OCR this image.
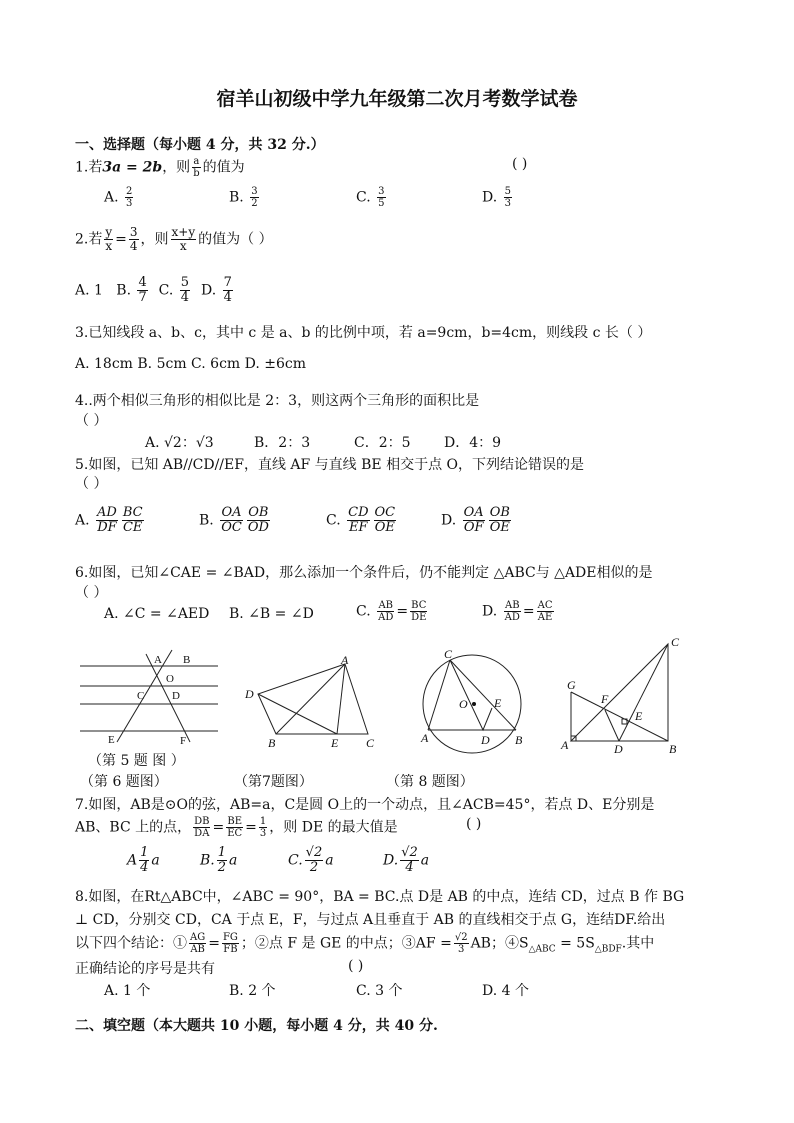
宿羊山初级中学九年级第二次月考数学试卷
一、选择题（每小题 4 分，共 32 分.）
1.若3a = 2b，则 $\frac{a}{b}$ 的值为	( )
A. $\frac{2}{3}$	B. $\frac{3}{2}$	C. $\frac{3}{5}$	D. $\frac{5}{3}$
2.若 $\frac{y}{x} = \frac{3}{4}$ ，则 $\frac{x+y}{x}$ 的值为（ ）
A. 1 B. $\frac{4}{7} C$. $\frac{5}{4} D$. $\frac{7}{4}$
3.已知线段 a、b、c，其中 c 是 a、b 的比例中项，若 a=9cm，b=4cm，则线段 c 长（ ）
A. 18cm B. 5cm C. 6cm D. ±6cm
4..两个相似三角形的相似比是 2：3，则这两个三角形的面积比是
（ ）
A. √2：√3	B．2：3	C．2：5 D．4：9
5.如图，已知 AB//CD//EF，直线 AF 与直线 BE 相交于点 O，下列结论错误的是
（ ）
A. $\frac{AD}{DF} \frac{BC}{CE}$	B. $\frac{OA}{OC} \frac{OB}{OD}$	C. $\frac{CD}{EF} \frac{OC}{OE}$	D. $\frac{OA}{OF} \frac{OB}{OE}$
6.如图，已知∠CAE = ∠BAD，那么添加一个条件后，仍不能判定 △ABC与 △ADE相似的是
（ ）
A. ∠C = ∠AED B. ∠B = ∠D	C. $\frac{AB}{AD} = \frac{BC}{DE}$	D. $\frac{AB}{AD} = \frac{AC}{AE}$
A B
O
C	D
E	F
A
D
B	E C
C
O E
A	D B
C
G
F
E
A	D	B
（第 5 题 图 ）
（第 6 题图）	（第7题图）	（第 8 题图）
7.如图，AB是⊙O的弦，AB=a，C是圆 O上的一个动点，且∠ACB=45°，若点 D、E分别是
AB、BC 上的点， $\frac{DB}{DA} = \frac{BE}{EC} = \frac{1}{3}$ ，则 DE 的最大值是	( )
A $\frac{1}{4}$ a	B. $\frac{1}{2}$ a	C. $\frac{√2}{2}$ a	D. $\frac{√2}{4}$ a
8.如图，在Rt△ABC中，∠ABC = 90°，BA = BC.点 D是 AB 的中点，连结 CD，过点 B 作 BG
⊥ CD，分别交 CD，CA 于点 E，F，与过点 A且垂直于 AB 的直线相交于点 G，连结DF.给出
以下四个结论：① $\frac{AG}{AB} = \frac{FG}{FB}$ ；②点 F 是 GE 的中点；③AF = $\frac{√2}{3}$ AB；$④S_{\triangle ABC} = 5S_{\triangle BDF}$.其中
正确结论的序号是共有	( )
A. 1 个	B. 2 个	C. 3 个	D. 4 个
二、填空题（本大题共 10 小题，每小题 4 分，共 40 分.
